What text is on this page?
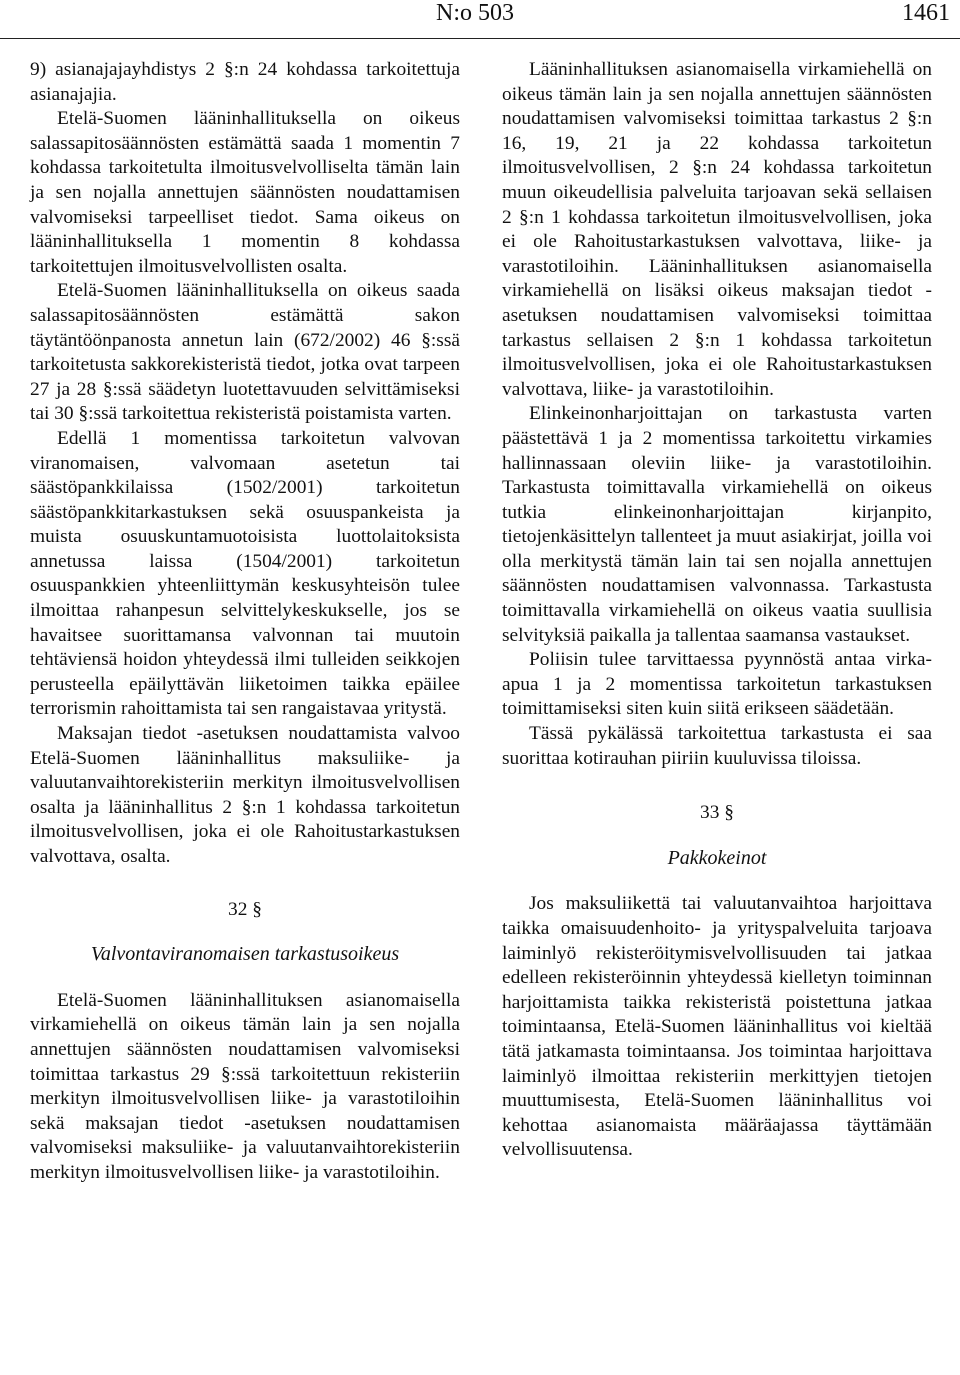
N:o 503	1461

9) asianajajayhdistys 2 §:n 24 kohdassa tarkoitettuja asianajajia.

Etelä-Suomen lääninhallituksella on oikeus salassapitosäännösten estämättä saada 1 momentin 7 kohdassa tarkoitetulta ilmoitusvelvolliselta tämän lain ja sen nojalla annettujen säännösten noudattamisen valvomiseksi tarpeelliset tiedot. Sama oikeus on lääninhallituksella 1 momentin 8 kohdassa tarkoitettujen ilmoitusvelvollisten osalta.

Etelä-Suomen lääninhallituksella on oikeus saada salassapitosäännösten estämättä sakon täytäntöönpanosta annetun lain (672/2002) 46 §:ssä tarkoitetusta sakkorekisteristä tiedot, jotka ovat tarpeen 27 ja 28 §:ssä säädetyn luotettavuuden selvittämiseksi tai 30 §:ssä tarkoitettua rekisteristä poistamista varten.

Edellä 1 momentissa tarkoitetun valvovan viranomaisen, valvomaan asetetun tai säästöpankkilaissa (1502/2001) tarkoitetun säästöpankkitarkastuksen sekä osuuspankeista ja muista osuuskuntamuotoisista luottolaitoksista annetussa laissa (1504/2001) tarkoitetun osuuspankkien yhteenliittymän keskusyhteisön tulee ilmoittaa rahanpesun selvittelykeskukselle, jos se havaitsee suorittamansa valvonnan tai muutoin tehtäviensä hoidon yhteydessä ilmi tulleiden seikkojen perusteella epäilyttävän liiketoimen taikka epäilee terrorismin rahoittamista tai sen rangaistavaa yritystä.

Maksajan tiedot -asetuksen noudattamista valvoo Etelä-Suomen lääninhallitus maksuliike- ja valuutanvaihtorekisteriin merkityn ilmoitusvelvollisen osalta ja lääninhallitus 2 §:n 1 kohdassa tarkoitetun ilmoitusvelvollisen, joka ei ole Rahoitustarkastuksen valvottava, osalta.

32 §

Valvontaviranomaisen tarkastusoikeus

Etelä-Suomen lääninhallituksen asianomaisella virkamiehellä on oikeus tämän lain ja sen nojalla annettujen säännösten noudattamisen valvomiseksi toimittaa tarkastus 29 §:ssä tarkoitettuun rekisteriin merkityn ilmoitusvelvollisen liike- ja varastotiloihin sekä maksajan tiedot -asetuksen noudattamisen valvomiseksi maksuliike- ja valuutanvaihtorekisteriin merkityn ilmoitusvelvollisen liike- ja varastotiloihin.

Lääninhallituksen asianomaisella virkamiehellä on oikeus tämän lain ja sen nojalla annettujen säännösten noudattamisen valvomiseksi toimittaa tarkastus 2 §:n 16, 19, 21 ja 22 kohdassa tarkoitetun ilmoitusvelvollisen, 2 §:n 24 kohdassa tarkoitetun muun oikeudellisia palveluita tarjoavan sekä sellaisen 2 §:n 1 kohdassa tarkoitetun ilmoitusvelvollisen, joka ei ole Rahoitustarkastuksen valvottava, liike- ja varastotiloihin. Lääninhallituksen asianomaisella virkamiehellä on lisäksi oikeus maksajan tiedot -asetuksen noudattamisen valvomiseksi toimittaa tarkastus sellaisen 2 §:n 1 kohdassa tarkoitetun ilmoitusvelvollisen, joka ei ole Rahoitustarkastuksen valvottava, liike- ja varastotiloihin.

Elinkeinonharjoittajan on tarkastusta varten päästettävä 1 ja 2 momentissa tarkoitettu virkamies hallinnassaan oleviin liike- ja varastotiloihin. Tarkastusta toimittavalla virkamiehellä on oikeus tutkia elinkeinonharjoittajan kirjanpito, tietojenkäsittelyn tallenteet ja muut asiakirjat, joilla voi olla merkitystä tämän lain tai sen nojalla annettujen säännösten noudattamisen valvonnassa. Tarkastusta toimittavalla virkamiehellä on oikeus vaatia suullisia selvityksiä paikalla ja tallentaa saamansa vastaukset.

Poliisin tulee tarvittaessa pyynnöstä antaa virka-apua 1 ja 2 momentissa tarkoitetun tarkastuksen toimittamiseksi siten kuin siitä erikseen säädetään.

Tässä pykälässä tarkoitettua tarkastusta ei saa suorittaa kotirauhan piiriin kuuluvissa tiloissa.

33 §

Pakkokeinot

Jos maksuliikettä tai valuutanvaihtoa harjoittava taikka omaisuudenhoito- ja yrityspalveluita tarjoava laiminlyö rekisteröitymisvelvollisuuden tai jatkaa edelleen rekisteröinnin yhteydessä kielletyn toiminnan harjoittamista taikka rekisteristä poistettuna jatkaa toimintaansa, Etelä-Suomen lääninhallitus voi kieltää tätä jatkamasta toimintaansa. Jos toimintaa harjoittava laiminlyö ilmoittaa rekisteriin merkittyjen tietojen muuttumisesta, Etelä-Suomen lääninhallitus voi kehottaa asianomaista määräajassa täyttämään velvollisuutensa.
